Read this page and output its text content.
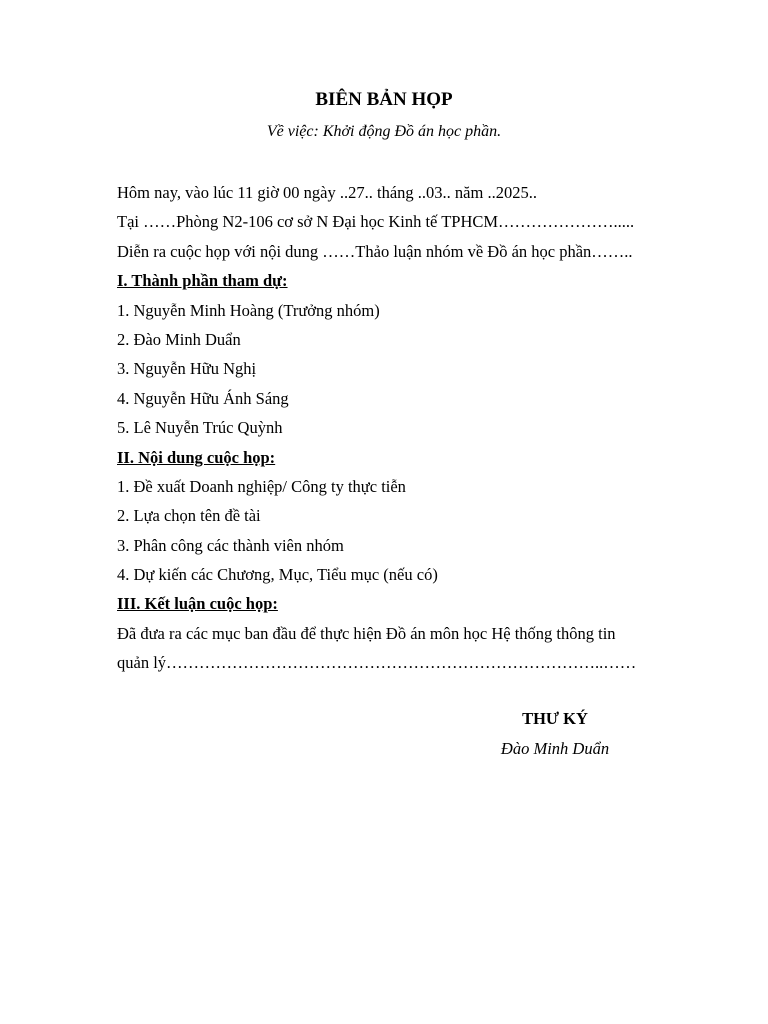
BIÊN BẢN HỌP
Về việc: Khởi động Đồ án học phần.
Hôm nay, vào lúc 11 giờ 00 ngày ..27.. tháng ..03.. năm ..2025..
Tại ……Phòng N2-106 cơ sở N Đại học Kinh tế TPHCM………………….....
Diễn ra cuộc họp với nội dung ……Thảo luận nhóm về Đồ án học phần……..
I. Thành phần tham dự:
1. Nguyễn Minh Hoàng (Trưởng nhóm)
2. Đào Minh Duẩn
3. Nguyễn Hữu Nghị
4. Nguyễn Hữu Ánh Sáng
5. Lê Nuyễn Trúc Quỳnh
II. Nội dung cuộc họp:
1. Đề xuất Doanh nghiệp/ Công ty thực tiễn
2. Lựa chọn tên đề tài
3. Phân công các thành viên nhóm
4. Dự kiến các Chương, Mục, Tiểu mục (nếu có)
III. Kết luận cuộc họp:
Đã đưa ra các mục ban đầu để thực hiện Đồ án môn học Hệ thống thông tin
quản lý……………………………………………………………………..……
THƯ KÝ
Đào Minh Duẩn
